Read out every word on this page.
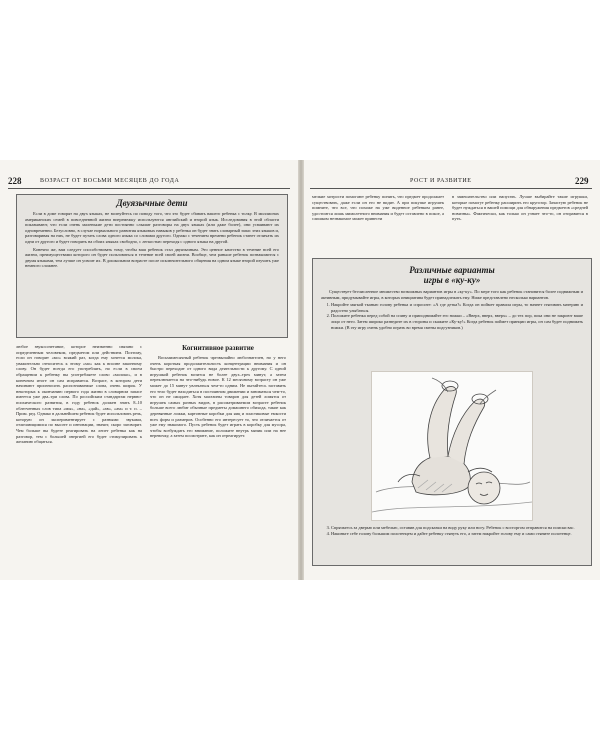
228	ВОЗРАСТ ОТ ВОСЬМИ МЕСЯЦЕВ ДО ГОДА
Двуязычные дети

Если в доме говорят на двух языках, не волнуйтесь по поводу того, что это будет сбивать вашего ребенка с толку. В миллионах американских семей в повседневной жизни вперемежку используются английский и второй язык. Исследования в этой области показывают, что если очень маленькие дети постоянно слышат разговоры на двух языках (или даже более), они усваивают их одновременно. Безусловно, в случае нормального развития языковых навыков у ребенка он будет знать словарный запас этих языков и, разговаривая на них, не будет путать слова одного языка со словами другого. Однако с течением времени ребенок станет отличать их одни от другого и будет говорить на обоих языках свободно, с легкостью переходя с одного языка на другой.

Конечно же, вам следует способствовать тому, чтобы ваш ребенок стал двуязычным. Это ценное качество в течение всей его жизни, преимуществами которого он будет пользоваться в течение всей своей жизни. Вообще, чем раньше ребенок познакомится с двумя языками, тем лучше он усвоит их. В дошкольном возрасте после исключительного общения на одном языке второй изучить уже немного сложнее.

любое звукосочетание, которое неизменно связано с определенным человеком, предметом или действием. Поэтому, если он говорит «мо» всякий раз, когда ему хочется молока, уважительно относитесь к этому «мо» как к вполне законному слову. Он будет всегда его употреблять, но если в своем обращении к ребенку вы употребляете слово «молоко», и в конечном итоге он сам исправится. Возраст, в котором дети начинают произносить распознаваемые слова, очень широк. У некоторых к окончанию первого года жизни в словарном запасе имеется уже два–три слова. По российским стандартам нервно-психического развития, в году ребенок должен знать 8–10 облегченных слов типа «мы», «на», «дай», «ав», «ам» и т. п. – Прим. ред. Однако в дальнейшем ребенок будет использовать речь, которую он экспериментирует с разными звуками, отличающимися по высоте и интонации, значит, скоро заговорит. Чем больше вы будете реагировать на лепет ребенка как на разговор, тем с большей энергией его будет стимулировать к желанию общаться.

Когнитивное развитие

Восьмимесячный ребенок чрезвычайно любознателен, но у него очень короткая продолжительность концентрации внимания и он быстро переходит от одного вида деятельности к другому. С одной игрушкой ребенок возится не более двух–трех минут, а затем переключается на что-нибудь новое. К 12 месячному возрасту он уже может до 15 минут увлекаться чем-то одним. Не пытайтесь заставить его тело будет находиться в постоянном движении и заниматься чем-то, что он не ожидает. Хотя магазины товаров для детей ломятся от игрушек самых разных видов, в рассматриваемом возрасте ребенок больше всего любит обычные предметы домашнего обихода, такие как деревянные ложки, картонные коробки для яиц и пластиковые емкости всех форм и размеров. Особенно его интересует то, что отличается от уже ему знакомого. Пусть ребенок будет играть в коробку для мусора, чтобы возбуждать его внимание, положите внутрь мячик или на нее веревочку, а затем посмотрите, как он отреагирует.

РОСТ И РАЗВИТИЕ	229

мелкие хитрости помогают ребенку понять, что предмет продолжает существовать, даже если он его не видит. А при покупке игрушек помните, что все, что похоже на уже виденное ребенком ранее, удостоится лишь мимолетного внимания и будет оставлено в покое, а слишком незнакомое может привести

в замешательство или напугать. Лучше выбирайте такие игрушки, которые помогут ребенку расширить его кругозор. Зачастую ребенок не будет нуждаться в вашей помощи для обнаружения предметов «средней новизны». Фактически, как только он узнает что-то, он отправится в путь.

Различные варианты
игры в «ку-ку»

Существует бесчисленное множество возможных вариантов игры в «ку-ку». По мере того как ребенок становится более подвижным и активным, придумывайте игры, в которых инициатива будет принадлежать ему. Ниже представлено несколько вариантов.

1. Накройте мягкой тканью голову ребенка и спросите: «А где детка?» Когда он поймет правила игры, то начнет стягивать материю и радостно улыбаться.
2. Положите ребенка перед собой на спину и приподнимайте его ножки – «Вверх, вверх, вверх» – до тех пор, пока они не закроют ваше лицо от него. Затем широко разведите их в стороны и скажите «Ку-ку!» Когда ребенок поймет принцип игры, он сам будет поднимать ножки. (В эту игру очень удобно играть во время смены подгузников.)
3. Спрячьтесь за дверью или мебелью, оставив для подсказки на виду руку или ногу. Ребенок с восторгом отправится на поиски вас.
4. Накиньте себе голову большим полотенцем и дайте ребенку стянуть его, а затем накройте голову ему и сами стяните полотенце.
